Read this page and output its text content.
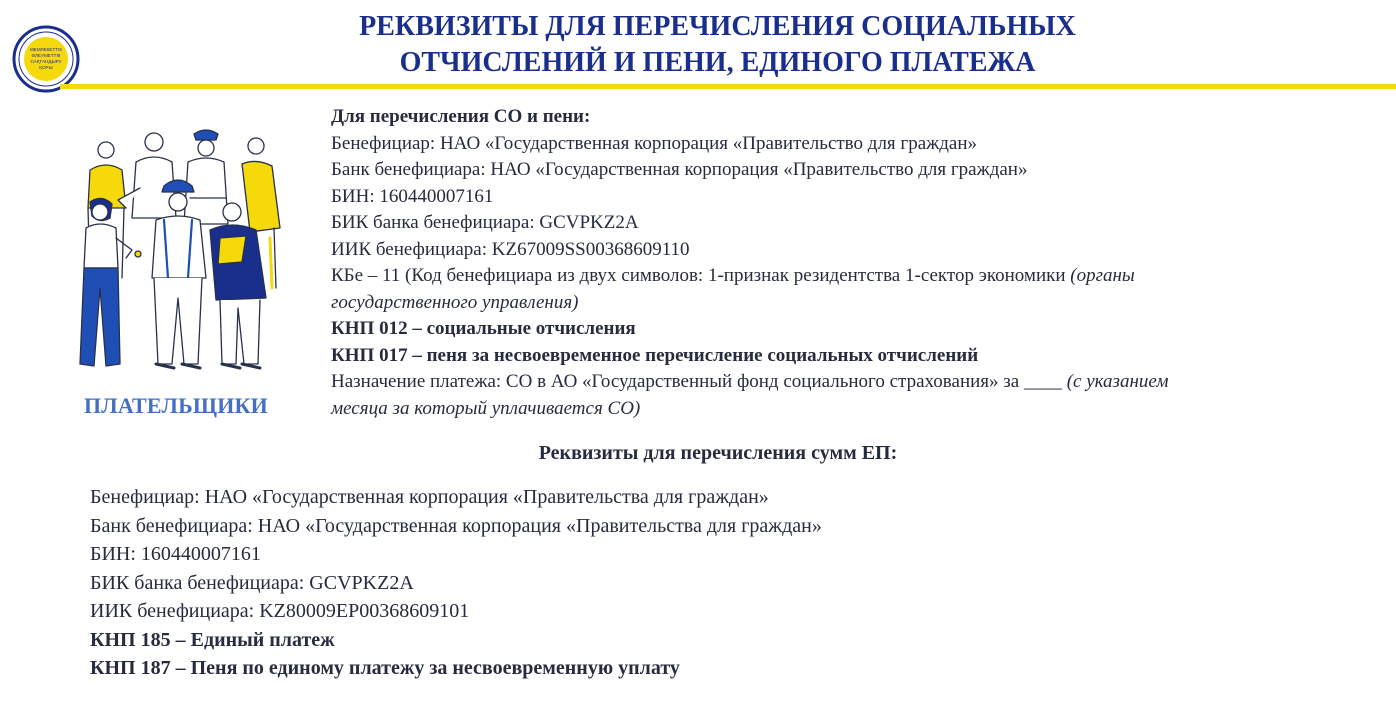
МЕМЛЕКЕТТІК
ӘЛЕУМЕТТІК
САҚТАНДЫРУ
ҚОРЫ
РЕКВИЗИТЫ ДЛЯ ПЕРЕЧИСЛЕНИЯ СОЦИАЛЬНЫХ
ОТЧИСЛЕНИЙ И ПЕНИ, ЕДИНОГО ПЛАТЕЖА
ПЛАТЕЛЬЩИКИ
Для перечисления СО и пени:
Бенефициар: НАО «Государственная корпорация «Правительство для граждан»
Банк бенефициара: НАО «Государственная корпорация «Правительство для граждан»
БИН: 160440007161
БИК банка бенефициара: GCVPKZ2A
ИИК бенефициара: KZ67009SS00368609110
КБе – 11 (Код бенефициара из двух символов: 1-признак резидентства 1-сектор экономики (органы
государственного управления)
КНП 012 – социальные отчисления
КНП 017 – пеня за несвоевременное перечисление социальных отчислений
Назначение платежа: СО в АО «Государственный фонд социального страхования» за ____ (с указанием
месяца за который уплачивается СО)
Реквизиты для перечисления сумм ЕП:
Бенефициар: НАО «Государственная корпорация «Правительства для граждан»
Банк бенефициара: НАО «Государственная корпорация «Правительства для граждан»
БИН: 160440007161
БИК банка бенефициара: GCVPKZ2A
ИИК бенефициара: KZ80009EP00368609101
КНП 185 – Единый платеж
КНП 187 – Пеня по единому платежу за несвоевременную уплату
